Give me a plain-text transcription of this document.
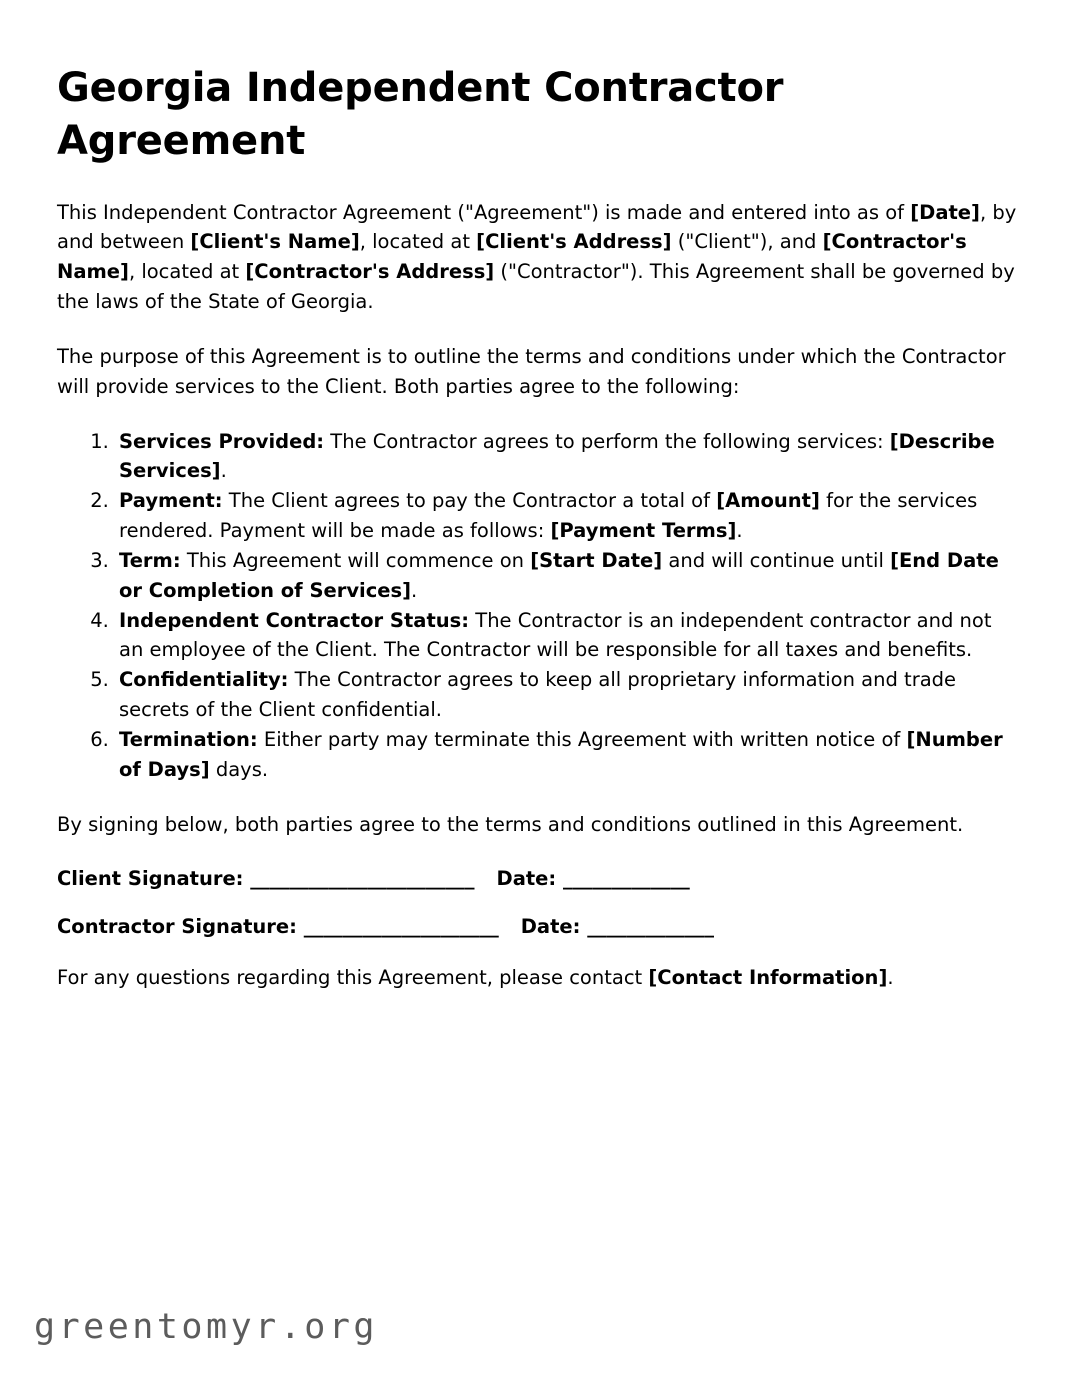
Georgia Independent Contractor Agreement

This Independent Contractor Agreement ("Agreement") is made and entered into as of [Date], by and between [Client's Name], located at [Client's Address] ("Client"), and [Contractor's Name], located at [Contractor's Address] ("Contractor"). This Agreement shall be governed by the laws of the State of Georgia.

The purpose of this Agreement is to outline the terms and conditions under which the Contractor will provide services to the Client. Both parties agree to the following:

1. Services Provided: The Contractor agrees to perform the following services: [Describe Services].
2. Payment: The Client agrees to pay the Contractor a total of [Amount] for the services rendered. Payment will be made as follows: [Payment Terms].
3. Term: This Agreement will commence on [Start Date] and will continue until [End Date or Completion of Services].
4. Independent Contractor Status: The Contractor is an independent contractor and not an employee of the Client. The Contractor will be responsible for all taxes and benefits.
5. Confidentiality: The Contractor agrees to keep all proprietary information and trade secrets of the Client confidential.
6. Termination: Either party may terminate this Agreement with written notice of [Number of Days] days.

By signing below, both parties agree to the terms and conditions outlined in this Agreement.

Client Signature: _______________________ Date: _____________

Contractor Signature: ____________________ Date: _____________

For any questions regarding this Agreement, please contact [Contact Information].

greentomyr.org
